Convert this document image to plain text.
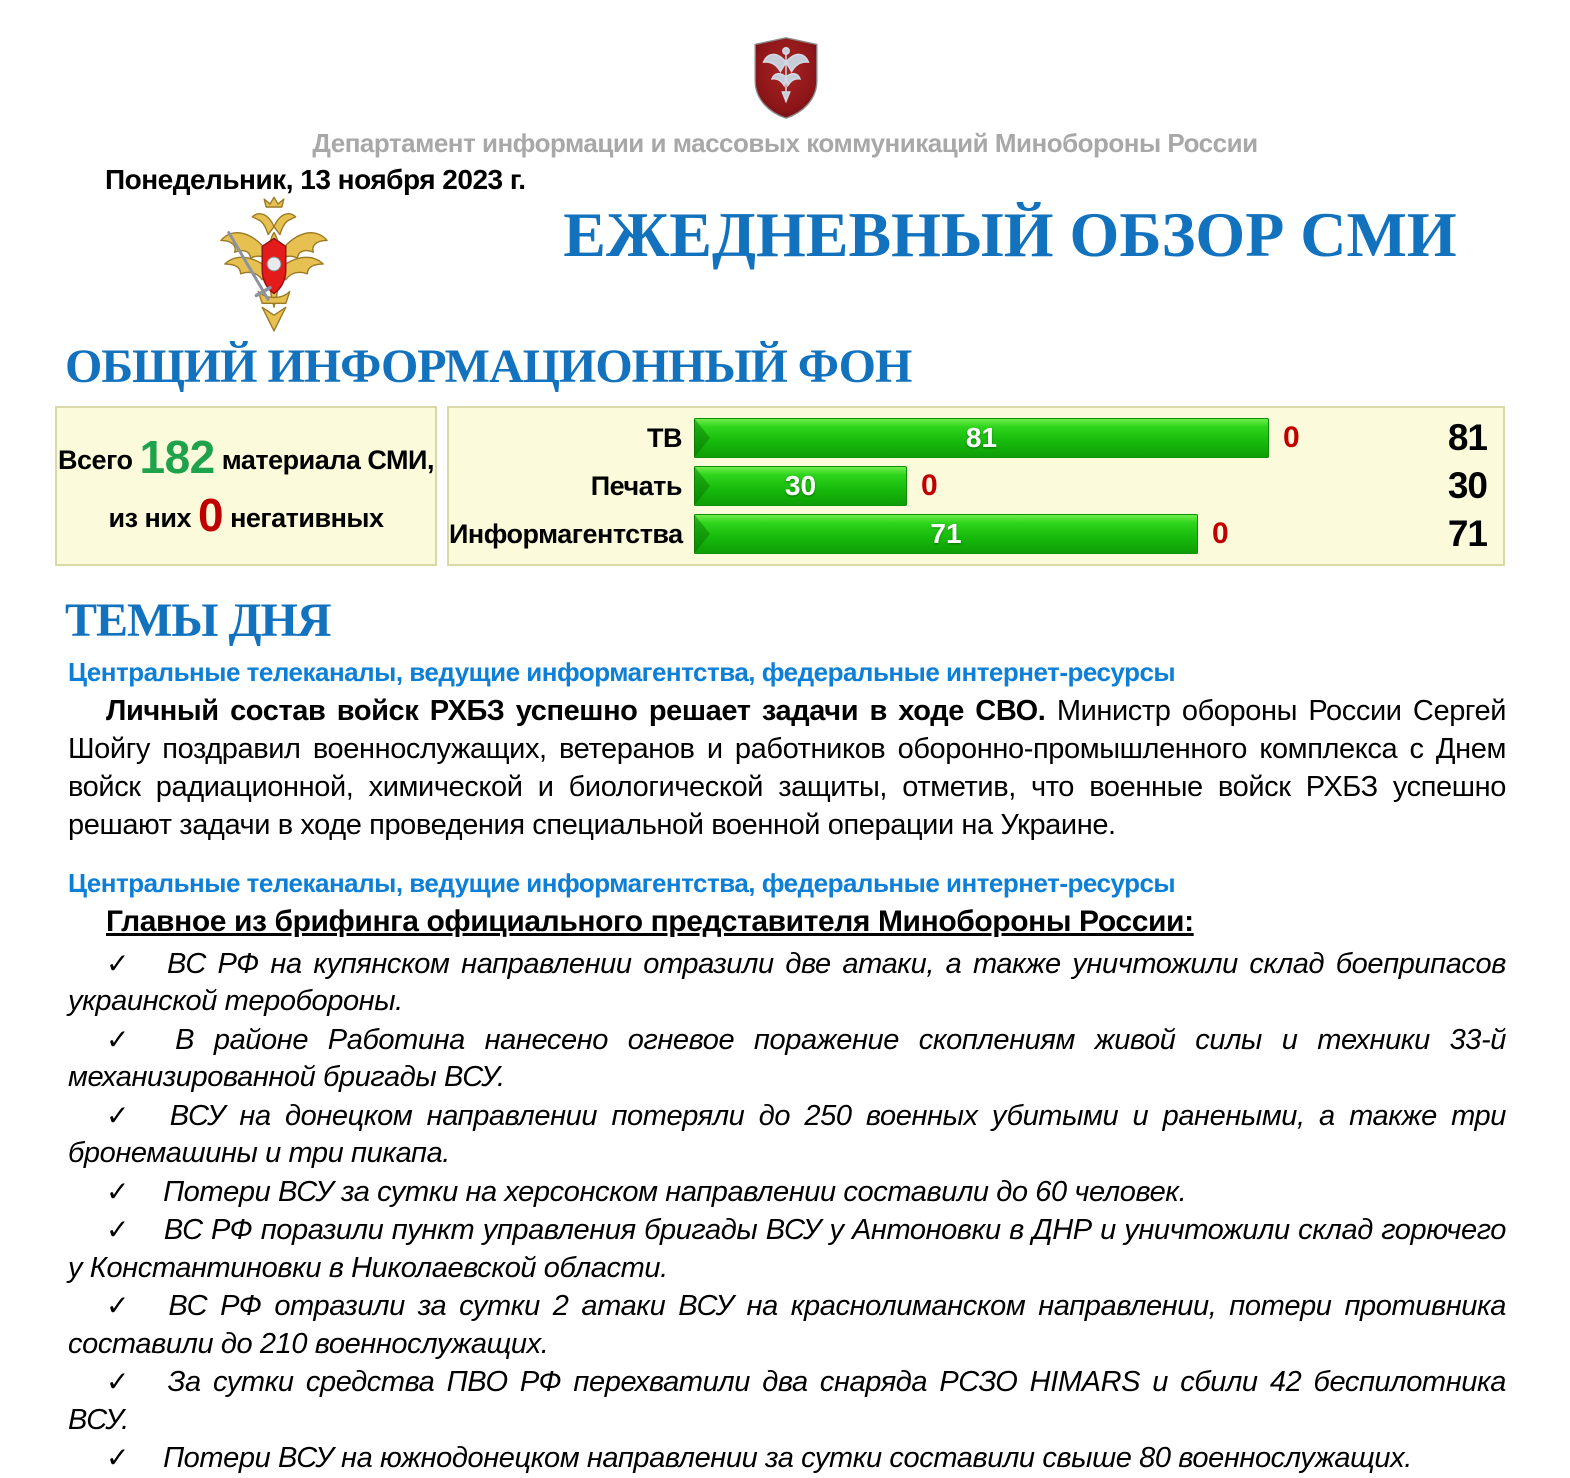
Департамент информации и массовых коммуникаций Минобороны России
Понедельник, 13 ноября 2023 г.
ЕЖЕДНЕВНЫЙ ОБЗОР СМИ
ОБЩИЙ ИНФОРМАЦИОННЫЙ ФОН
Всего 182 материала СМИ,
из них 0 негативных
ТВ	81	0	81
Печать	30	0	30
Информагентства	71	0	71
ТЕМЫ ДНЯ
Центральные телеканалы, ведущие информагентства, федеральные интернет-ресурсы

Личный состав войск РХБЗ успешно решает задачи в ходе СВО. Министр обороны России Сергей Шойгу поздравил военнослужащих, ветеранов и работников оборонно-промышленного комплекса с Днем войск радиационной, химической и биологической защиты, отметив, что военные войск РХБЗ успешно решают задачи в ходе проведения специальной военной операции на Украине.

Центральные телеканалы, ведущие информагентства, федеральные интернет-ресурсы
Главное из брифинга официального представителя Минобороны России:
✓ ВС РФ на купянском направлении отразили две атаки, а также уничтожили склад боеприпасов украинской теробороны.
✓ В районе Работина нанесено огневое поражение скоплениям живой силы и техники 33-й механизированной бригады ВСУ.
✓ ВСУ на донецком направлении потеряли до 250 военных убитыми и ранеными, а также три бронемашины и три пикапа.
✓ Потери ВСУ за сутки на херсонском направлении составили до 60 человек.
✓ ВС РФ поразили пункт управления бригады ВСУ у Антоновки в ДНР и уничтожили склад горючего у Константиновки в Николаевской области.
✓ ВС РФ отразили за сутки 2 атаки ВСУ на краснолиманском направлении, потери противника составили до 210 военнослужащих.
✓ За сутки средства ПВО РФ перехватили два снаряда РСЗО HIMARS и сбили 42 беспилотника ВСУ.
✓ Потери ВСУ на южнодонецком направлении за сутки составили свыше 80 военнослужащих.
